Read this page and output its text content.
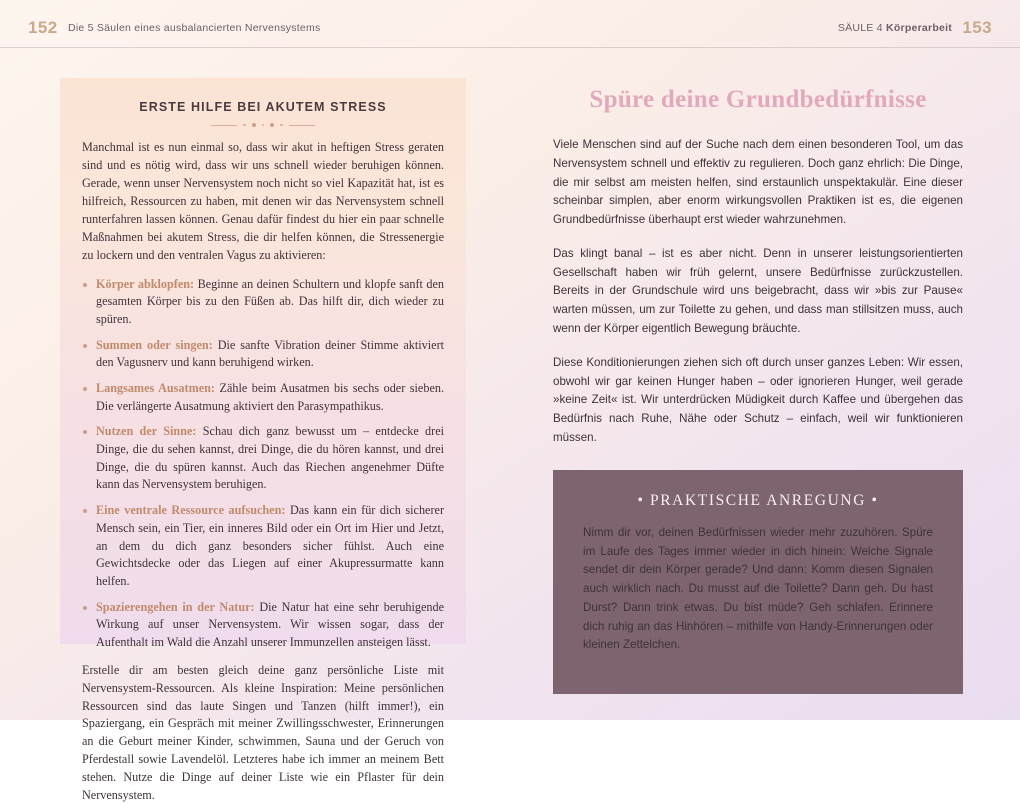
152 Die 5 Säulen eines ausbalancierten Nervensystems	SÄULE 4 Körperarbeit 153
ERSTE HILFE BEI AKUTEM STRESS

Manchmal ist es nun einmal so, dass wir akut in heftigen Stress geraten sind und es nötig wird, dass wir uns schnell wieder beruhigen können. Gerade, wenn unser Nervensystem noch nicht so viel Kapazität hat, ist es hilfreich, Ressourcen zu haben, mit denen wir das Nervensystem schnell runterfahren lassen können. Genau dafür findest du hier ein paar schnelle Maßnahmen bei akutem Stress, die dir helfen können, die Stressenergie zu lockern und den ventralen Vagus zu aktivieren:

Körper abklopfen: Beginne an deinen Schultern und klopfe sanft den gesamten Körper bis zu den Füßen ab. Das hilft dir, dich wieder zu spüren.
Summen oder singen: Die sanfte Vibration deiner Stimme aktiviert den Vagusnerv und kann beruhigend wirken.
Langsames Ausatmen: Zähle beim Ausatmen bis sechs oder sieben. Die verlängerte Ausatmung aktiviert den Parasympathikus.
Nutzen der Sinne: Schau dich ganz bewusst um – entdecke drei Dinge, die du sehen kannst, drei Dinge, die du hören kannst, und drei Dinge, die du spüren kannst. Auch das Riechen angenehmer Düfte kann das Nervensystem beruhigen.
Eine ventrale Ressource aufsuchen: Das kann ein für dich sicherer Mensch sein, ein Tier, ein inneres Bild oder ein Ort im Hier und Jetzt, an dem du dich ganz besonders sicher fühlst. Auch eine Gewichtsdecke oder das Liegen auf einer Akupressurmatte kann helfen.
Spazierengehen in der Natur: Die Natur hat eine sehr beruhigende Wirkung auf unser Nervensystem. Wir wissen sogar, dass der Aufenthalt im Wald die Anzahl unserer Immunzellen ansteigen lässt.

Erstelle dir am besten gleich deine ganz persönliche Liste mit Nervensystem-Ressourcen. Als kleine Inspiration: Meine persönlichen Ressourcen sind das laute Singen und Tanzen (hilft immer!), ein Spaziergang, ein Gespräch mit meiner Zwillingsschwester, Erinnerungen an die Geburt meiner Kinder, schwimmen, Sauna und der Geruch von Pferdestall sowie Lavendelöl. Letzteres habe ich immer an meinem Bett stehen. Nutze die Dinge auf deiner Liste wie ein Pflaster für dein Nervensystem.

Spüre deine Grundbedürfnisse

Viele Menschen sind auf der Suche nach dem einen besonderen Tool, um das Nervensystem schnell und effektiv zu regulieren. Doch ganz ehrlich: Die Dinge, die mir selbst am meisten helfen, sind erstaunlich unspektakulär. Eine dieser scheinbar simplen, aber enorm wirkungsvollen Praktiken ist es, die eigenen Grundbedürfnisse überhaupt erst wieder wahrzunehmen.

Das klingt banal – ist es aber nicht. Denn in unserer leistungsorientierten Gesellschaft haben wir früh gelernt, unsere Bedürfnisse zurückzustellen. Bereits in der Grundschule wird uns beigebracht, dass wir »bis zur Pause« warten müssen, um zur Toilette zu gehen, und dass man stillsitzen muss, auch wenn der Körper eigentlich Bewegung bräuchte.

Diese Konditionierungen ziehen sich oft durch unser ganzes Leben: Wir essen, obwohl wir gar keinen Hunger haben – oder ignorieren Hunger, weil gerade »keine Zeit« ist. Wir unterdrücken Müdigkeit durch Kaffee und übergehen das Bedürfnis nach Ruhe, Nähe oder Schutz – einfach, weil wir funktionieren müssen.

• PRAKTISCHE ANREGUNG •

Nimm dir vor, deinen Bedürfnissen wieder mehr zuzuhören. Spüre im Laufe des Tages immer wieder in dich hinein: Welche Signale sendet dir dein Körper gerade? Und dann: Komm diesen Signalen auch wirklich nach. Du musst auf die Toilette? Dann geh. Du hast Durst? Dann trink etwas. Du bist müde? Geh schlafen. Erinnere dich ruhig an das Hinhören – mithilfe von Handy-Erinnerungen oder kleinen Zettelchen.
